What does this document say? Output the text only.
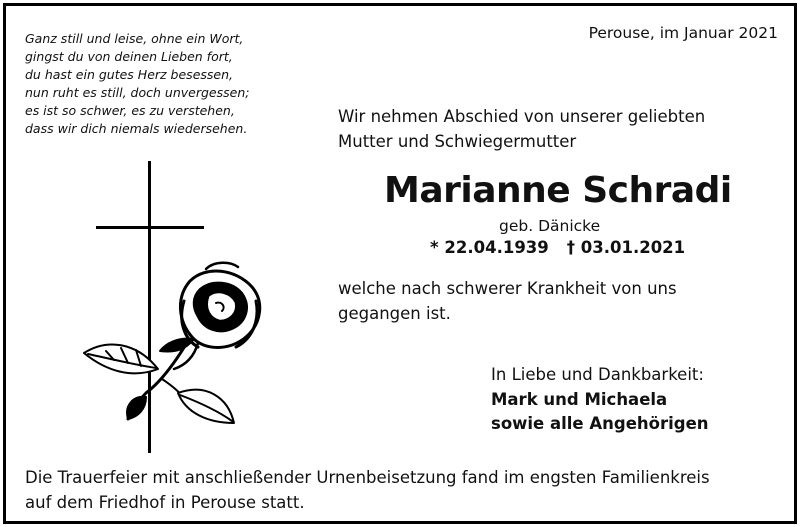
Ganz still und leise, ohne ein Wort,
gingst du von deinen Lieben fort,
du hast ein gutes Herz besessen,
nun ruht es still, doch unvergessen;
es ist so schwer, es zu verstehen,
dass wir dich niemals wiedersehen.
Perouse, im Januar 2021
Wir nehmen Abschied von unserer geliebten
Mutter und Schwiegermutter
Marianne Schradi
geb. Dänicke
* 22.04.1939 † 03.01.2021
welche nach schwerer Krankheit von uns
gegangen ist.
In Liebe und Dankbarkeit:
Mark und Michaela
sowie alle Angehörigen
Die Trauerfeier mit anschließender Urnenbeisetzung fand im engsten Familienkreis
auf dem Friedhof in Perouse statt.
